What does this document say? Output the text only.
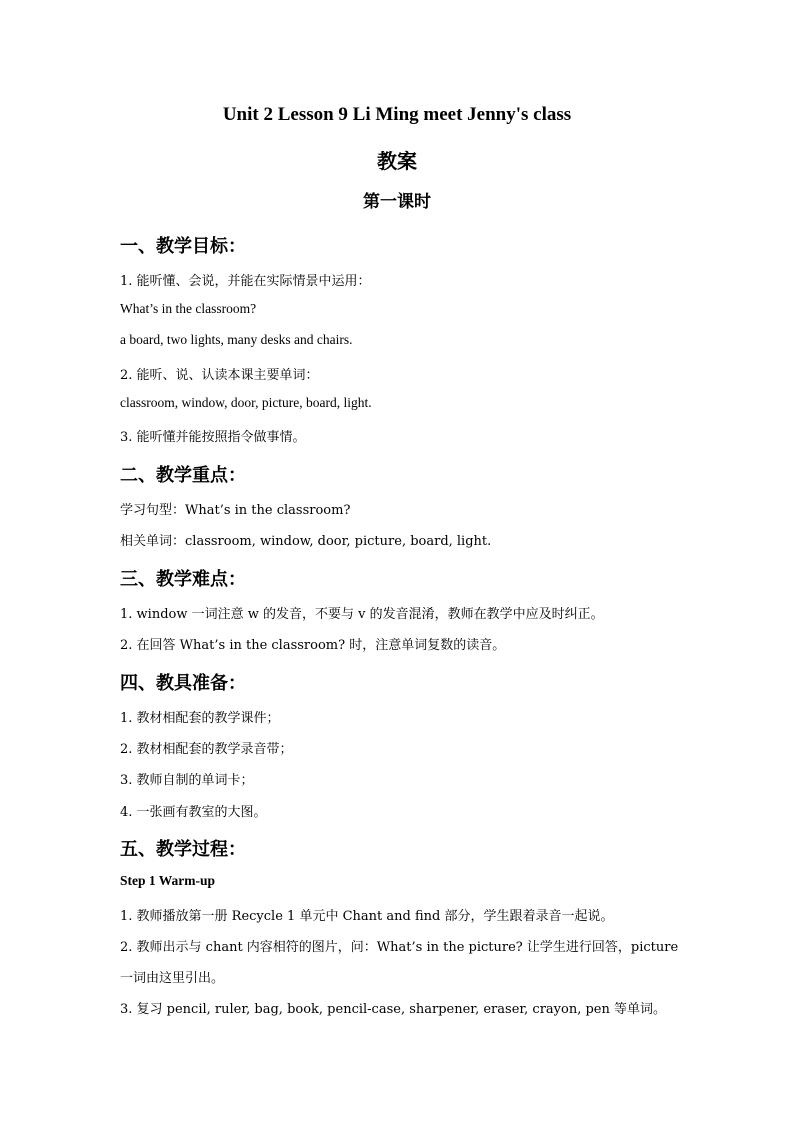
Unit 2 Lesson 9 Li Ming meet Jenny's class
教案
第一课时
一、教学目标：
1. 能听懂、会说，并能在实际情景中运用：
What’s in the classroom?
a board, two lights, many desks and chairs.
2. 能听、说、认读本课主要单词：
classroom, window, door, picture, board, light.
3. 能听懂并能按照指令做事情。
二、教学重点：
学习句型：What’s in the classroom?
相关单词：classroom, window, door, picture, board, light.
三、教学难点：
1. window 一词注意 w 的发音，不要与 v 的发音混淆，教师在教学中应及时纠正。
2. 在回答 What’s in the classroom? 时，注意单词复数的读音。
四、教具准备：
1. 教材相配套的教学课件；
2. 教材相配套的教学录音带；
3. 教师自制的单词卡；
4. 一张画有教室的大图。
五、教学过程：
Step 1 Warm-up
1. 教师播放第一册 Recycle 1 单元中 Chant and find 部分，学生跟着录音一起说。
2. 教师出示与 chant 内容相符的图片，问：What’s in the picture? 让学生进行回答，picture
一词由这里引出。
3. 复习 pencil, ruler, bag, book, pencil-case, sharpener, eraser, crayon, pen 等单词。
